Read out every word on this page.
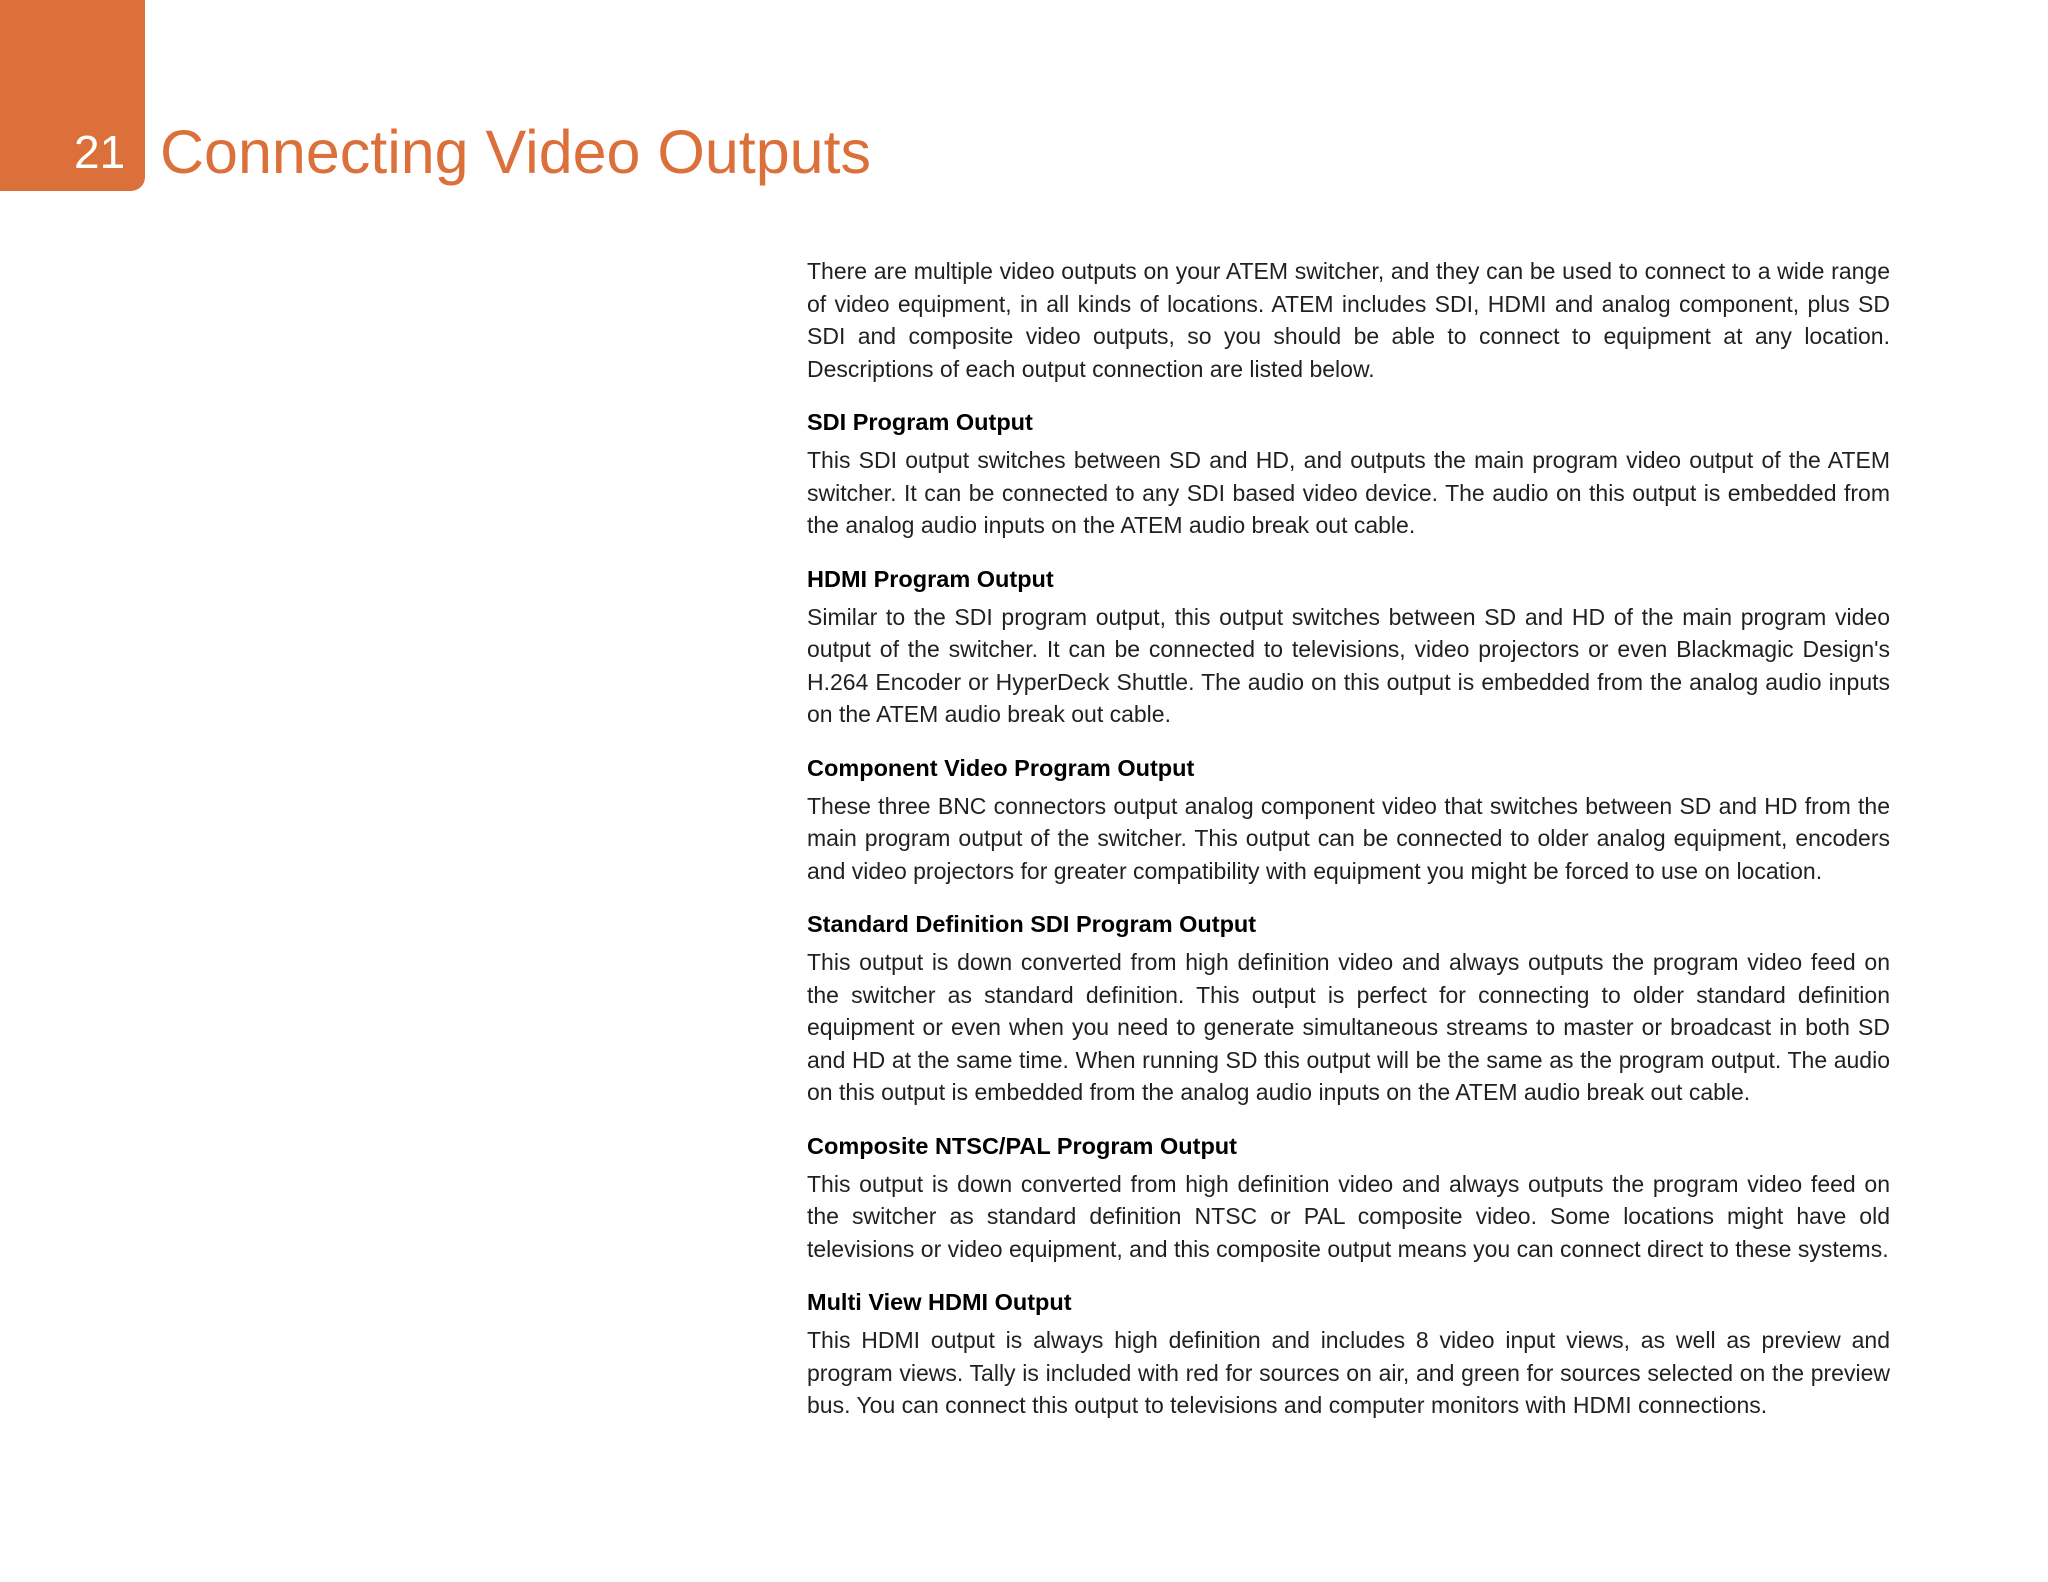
21 Connecting Video Outputs

There are multiple video outputs on your ATEM switcher, and they can be used to connect to a wide range of video equipment, in all kinds of locations. ATEM includes SDI, HDMI and analog component, plus SD SDI and composite video outputs, so you should be able to connect to equipment at any location. Descriptions of each output connection are listed below.

SDI Program Output

This SDI output switches between SD and HD, and outputs the main program video output of the ATEM switcher. It can be connected to any SDI based video device. The audio on this output is embedded from the analog audio inputs on the ATEM audio break out cable.

HDMI Program Output

Similar to the SDI program output, this output switches between SD and HD of the main program video output of the switcher. It can be connected to televisions, video projectors or even Blackmagic Design's H.264 Encoder or HyperDeck Shuttle. The audio on this output is embedded from the analog audio inputs on the ATEM audio break out cable.

Component Video Program Output

These three BNC connectors output analog component video that switches between SD and HD from the main program output of the switcher. This output can be connected to older analog equipment, encoders and video projectors for greater compatibility with equipment you might be forced to use on location.

Standard Definition SDI Program Output

This output is down converted from high definition video and always outputs the program video feed on the switcher as standard definition. This output is perfect for connecting to older standard definition equipment or even when you need to generate simultaneous streams to master or broadcast in both SD and HD at the same time. When running SD this output will be the same as the program output. The audio on this output is embedded from the analog audio inputs on the ATEM audio break out cable.

Composite NTSC/PAL Program Output

This output is down converted from high definition video and always outputs the program video feed on the switcher as standard definition NTSC or PAL composite video. Some locations might have old televisions or video equipment, and this composite output means you can connect direct to these systems.

Multi View HDMI Output

This HDMI output is always high definition and includes 8 video input views, as well as preview and program views. Tally is included with red for sources on air, and green for sources selected on the preview bus. You can connect this output to televisions and computer monitors with HDMI connections.
